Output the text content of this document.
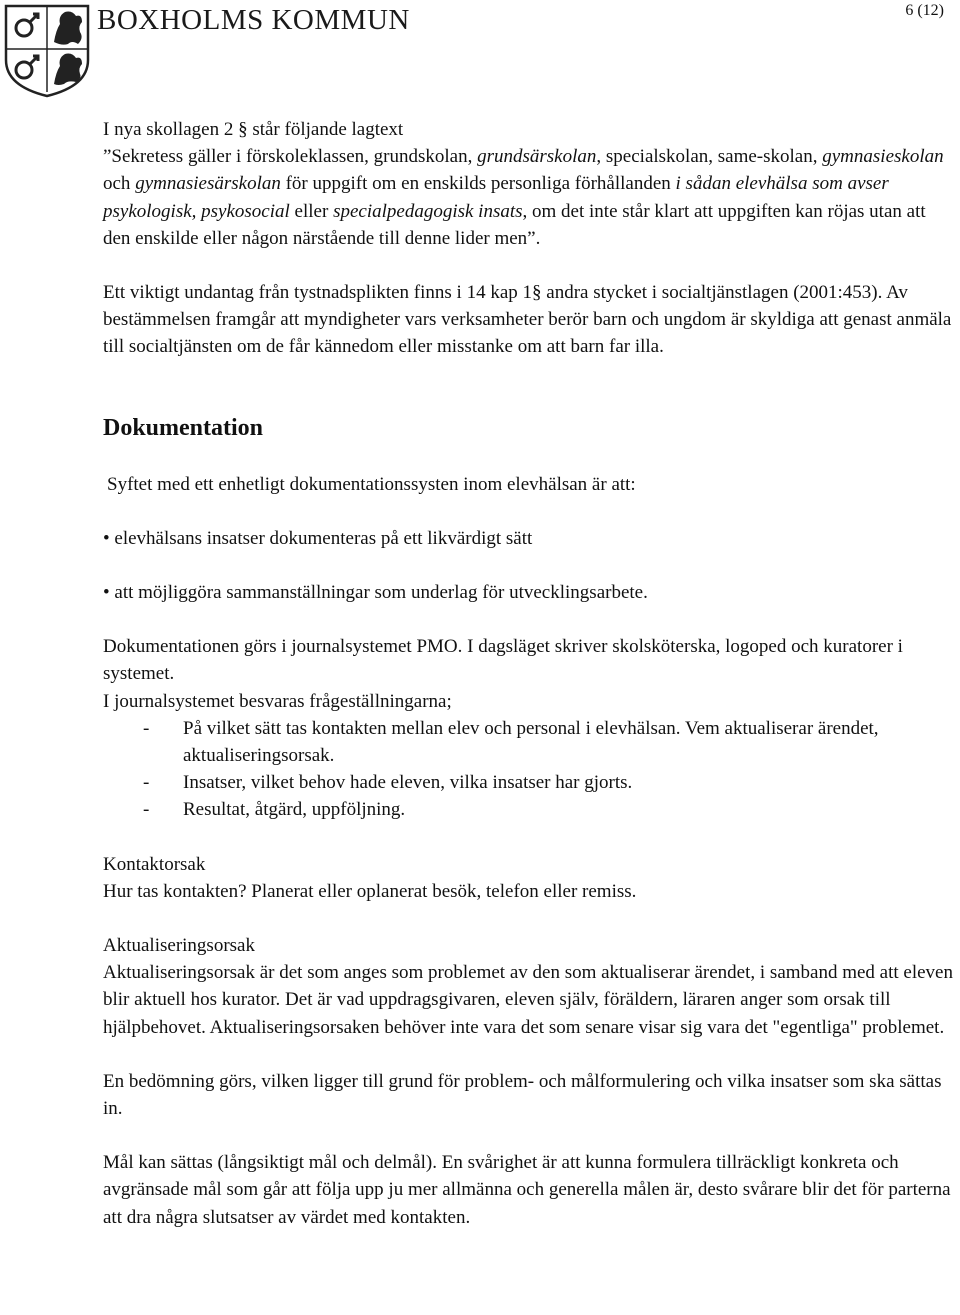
BOXHOLMS KOMMUN	6 (12)

I nya skollagen 2 § står följande lagtext

”Sekretess gäller i förskoleklassen, grundskolan, grundsärskolan, specialskolan, same-skolan, gymnasieskolan och gymnasiesärskolan för uppgift om en enskilds personliga förhållanden i sådan elevhälsa som avser psykologisk, psykosocial eller specialpedagogisk insats, om det inte står klart att uppgiften kan röjas utan att den enskilde eller någon närstående till denne lider men”.

Ett viktigt undantag från tystnadsplikten finns i 14 kap 1§ andra stycket i socialtjänstlagen (2001:453). Av bestämmelsen framgår att myndigheter vars verksamheter berör barn och ungdom är skyldiga att genast anmäla till socialtjänsten om de får kännedom eller misstanke om att barn far illa.

Dokumentation

Syftet med ett enhetligt dokumentationssysten inom elevhälsan är att:

• elevhälsans insatser dokumenteras på ett likvärdigt sätt

• att möjliggöra sammanställningar som underlag för utvecklingsarbete.

Dokumentationen görs i journalsystemet PMO. I dagsläget skriver skolsköterska, logoped och kuratorer i systemet.

I journalsystemet besvaras frågeställningarna;

-	På vilket sätt tas kontakten mellan elev och personal i elevhälsan. Vem aktualiserar ärendet, aktualiseringsorsak.
-	Insatser, vilket behov hade eleven, vilka insatser har gjorts.
-	Resultat, åtgärd, uppföljning.

Kontaktorsak

Hur tas kontakten? Planerat eller oplanerat besök, telefon eller remiss.

Aktualiseringsorsak

Aktualiseringsorsak är det som anges som problemet av den som aktualiserar ärendet, i samband med att eleven blir aktuell hos kurator. Det är vad uppdragsgivaren, eleven själv, föräldern, läraren anger som orsak till hjälpbehovet. Aktualiseringsorsaken behöver inte vara det som senare visar sig vara det "egentliga" problemet.

En bedömning görs, vilken ligger till grund för problem- och målformulering och vilka insatser som ska sättas in.

Mål kan sättas (långsiktigt mål och delmål). En svårighet är att kunna formulera tillräckligt konkreta och avgränsade mål som går att följa upp ju mer allmänna och generella målen är, desto svårare blir det för parterna att dra några slutsatser av värdet med kontakten.
